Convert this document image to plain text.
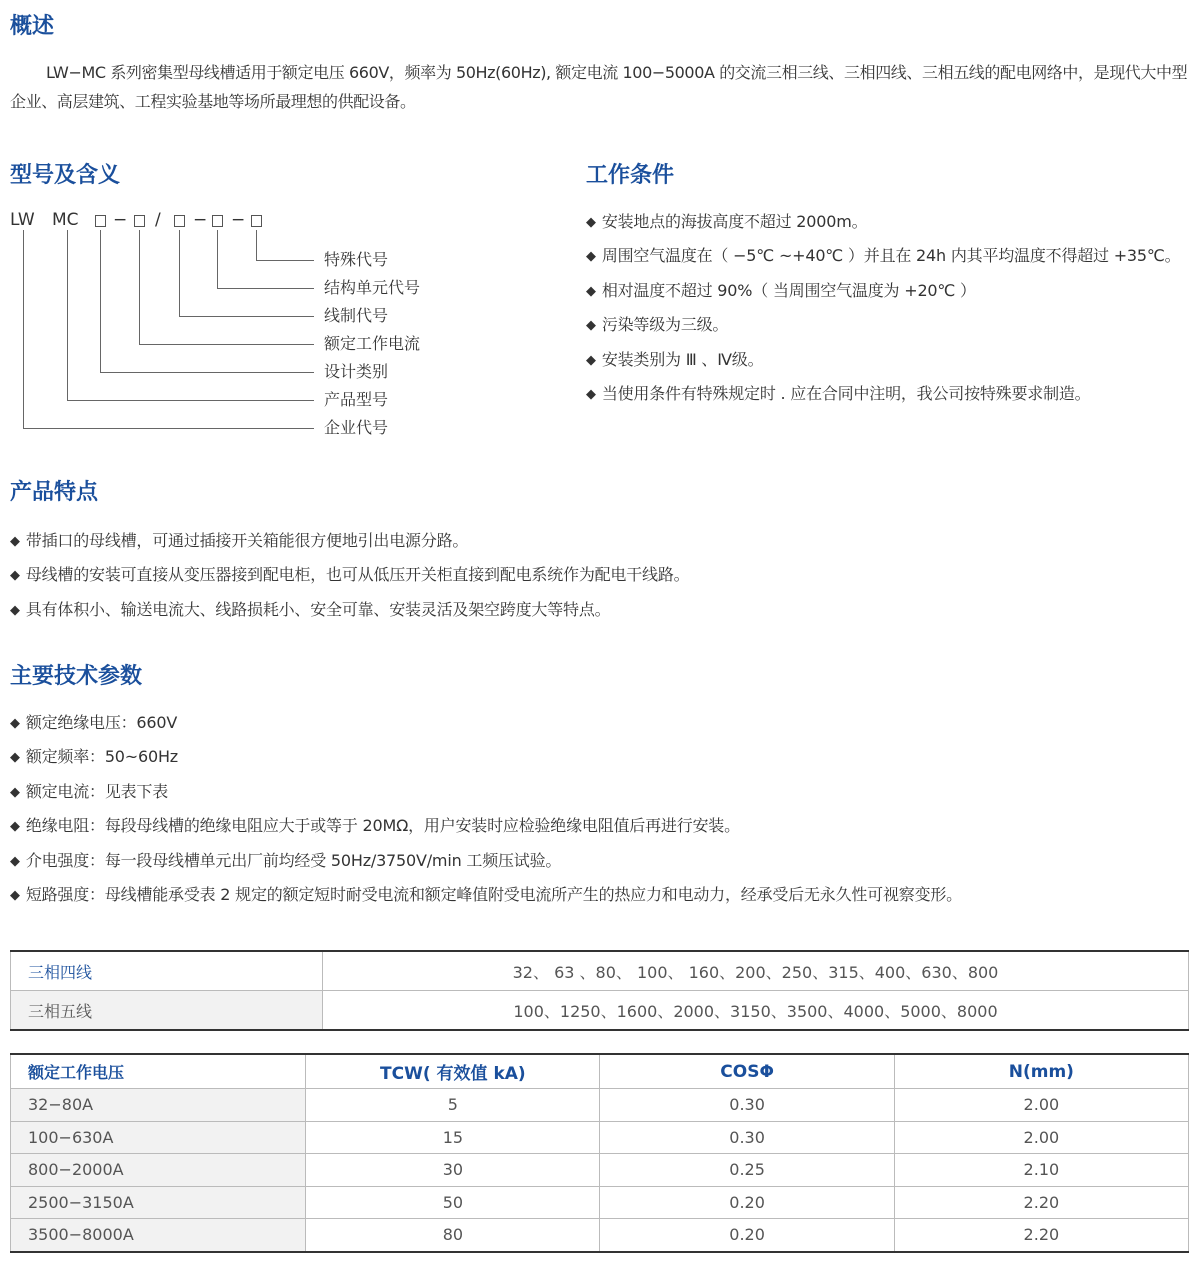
概述

LW−MC 系列密集型母线槽适用于额定电压 660V，频率为 50Hz(60Hz), 额定电流 100−5000A 的交流三相三线、三相四线、三相五线的配电网络中，是现代大中型企业、高层建筑、工程实验基地等场所最理想的供配设备。

型号及含义
LW MC − / − −
特殊代号
结构单元代号
线制代号
额定工作电流
设计类别
产品型号
企业代号
工作条件
◆ 安装地点的海拔高度不超过 2000m。
◆ 周围空气温度在（ −5℃ ~+40℃ ）并且在 24h 内其平均温度不得超过 +35℃。
◆ 相对温度不超过 90%（ 当周围空气温度为 +20℃ ）
◆ 污染等级为三级。
◆ 安装类别为 Ⅲ 、Ⅳ级。
◆ 当使用条件有特殊规定时 . 应在合同中注明，我公司按特殊要求制造。
产品特点
◆ 带插口的母线槽，可通过插接开关箱能很方便地引出电源分路。
◆ 母线槽的安装可直接从变压器接到配电柜，也可从低压开关柜直接到配电系统作为配电干线路。
◆ 具有体积小、输送电流大、线路损耗小、安全可靠、安装灵活及架空跨度大等特点。
主要技术参数
◆ 额定绝缘电压：660V
◆ 额定频率：50~60Hz
◆ 额定电流：见表下表
◆ 绝缘电阻：每段母线槽的绝缘电阻应大于或等于 20MΩ，用户安装时应检验绝缘电阻值后再进行安装。
◆ 介电强度：每一段母线槽单元出厂前均经受 50Hz/3750V/min 工频压试验。
◆ 短路强度：母线槽能承受表 2 规定的额定短时耐受电流和额定峰值附受电流所产生的热应力和电动力，经承受后无永久性可视察变形。
三相四线	32、 63 、80、 100、 160、200、250、315、400、630、800
三相五线	100、1250、1600、2000、3150、3500、4000、5000、8000
额定工作电压	TCW( 有效值 kA)	COSΦ	N(mm)
32−80A	5	0.30	2.00
100−630A	15	0.30	2.00
800−2000A	30	0.25	2.10
2500−3150A	50	0.20	2.20
3500−8000A	80	0.20	2.20
